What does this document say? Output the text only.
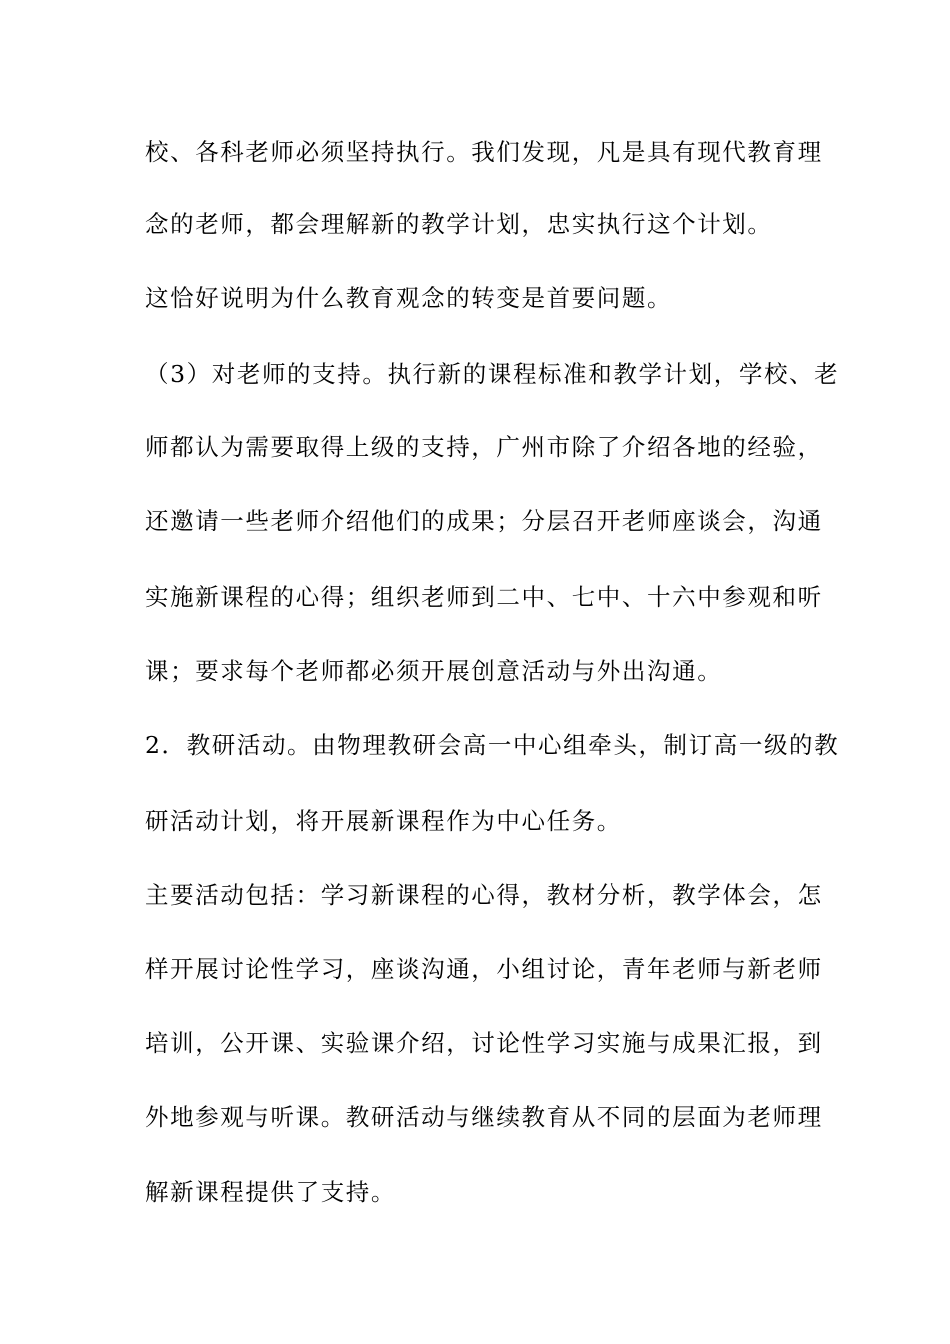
校、各科老师必须坚持执行。我们发现，凡是具有现代教育理
念的老师，都会理解新的教学计划，忠实执行这个计划。
这恰好说明为什么教育观念的转变是首要问题。
（3）对老师的支持。执行新的课程标准和教学计划，学校、老
师都认为需要取得上级的支持，广州市除了介绍各地的经验，
还邀请一些老师介绍他们的成果；分层召开老师座谈会，沟通
实施新课程的心得；组织老师到二中、七中、十六中参观和听
课；要求每个老师都必须开展创意活动与外出沟通。
2．教研活动。由物理教研会高一中心组牵头，制订高一级的教
研活动计划，将开展新课程作为中心任务。
主要活动包括：学习新课程的心得，教材分析，教学体会，怎
样开展讨论性学习，座谈沟通，小组讨论，青年老师与新老师
培训，公开课、实验课介绍，讨论性学习实施与成果汇报，到
外地参观与听课。教研活动与继续教育从不同的层面为老师理
解新课程提供了支持。
